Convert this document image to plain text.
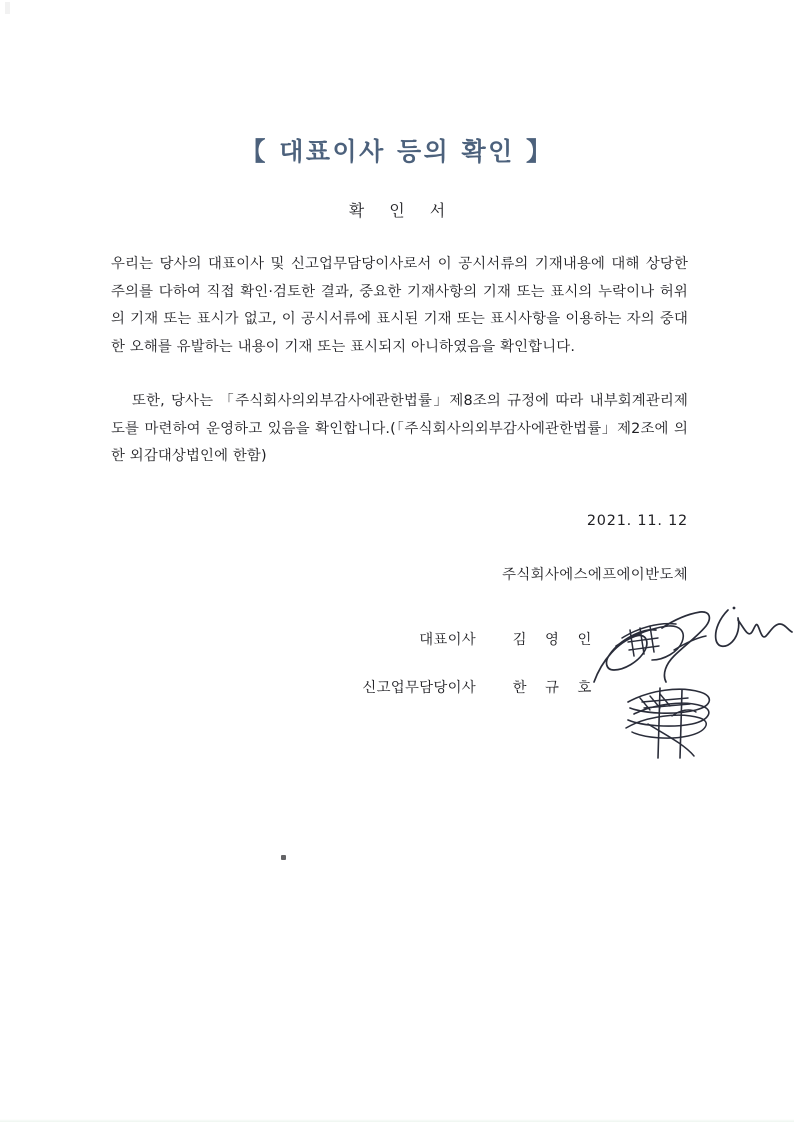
【 대표이사 등의 확인 】
확 인 서

우리는 당사의 대표이사 및 신고업무담당이사로서 이 공시서류의 기재내용에 대해 상당한 주의를 다하여 직접 확인·검토한 결과, 중요한 기재사항의 기재 또는 표시의 누락이나 허위의 기재 또는 표시가 없고, 이 공시서류에 표시된 기재 또는 표시사항을 이용하는 자의 중대한 오해를 유발하는 내용이 기재 또는 표시되지 아니하였음을 확인합니다.

또한, 당사는 「주식회사의외부감사에관한법률」제8조의 규정에 따라 내부회계관리제도를 마련하여 운영하고 있음을 확인합니다.(「주식회사의외부감사에관한법률」제2조에 의한 외감대상법인에 한함)

2021. 11. 12
주식회사에스에프에이반도체
대표이사	김 영 인
신고업무담당이사	한 규 호
